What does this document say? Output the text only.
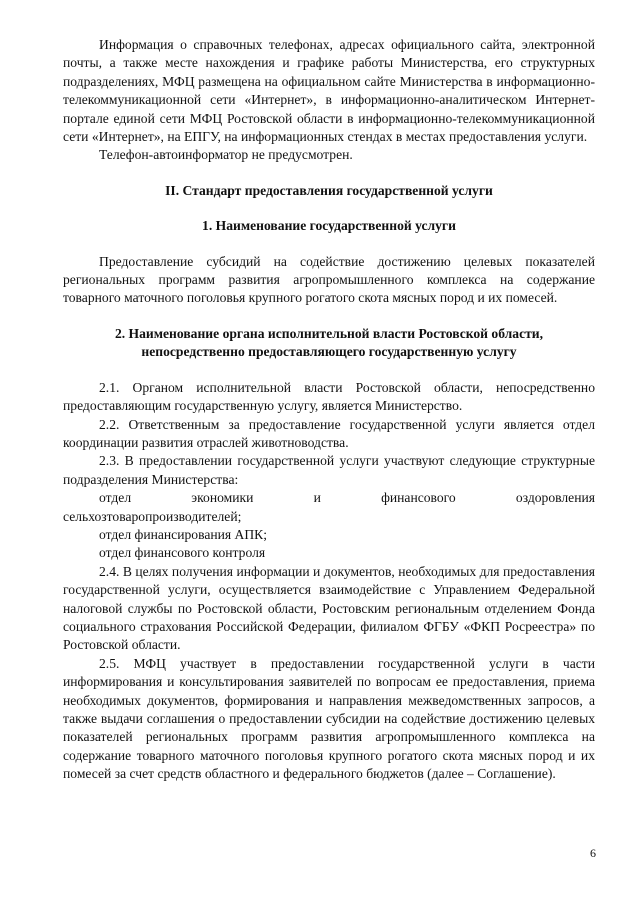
Информация о справочных телефонах, адресах официального сайта, электронной почты, а также месте нахождения и графике работы Министерства, его структурных подразделениях, МФЦ размещена на официальном сайте Министерства в информационно-телекоммуникационной сети «Интернет», в информационно-аналитическом Интернет-портале единой сети МФЦ Ростовской области в информационно-телекоммуникационной сети «Интернет», на ЕПГУ, на информационных стендах в местах предоставления услуги.

Телефон-автоинформатор не предусмотрен.

II. Стандарт предоставления государственной услуги

1. Наименование государственной услуги

Предоставление субсидий на содействие достижению целевых показателей региональных программ развития агропромышленного комплекса на содержание товарного маточного поголовья крупного рогатого скота мясных пород и их помесей.

2. Наименование органа исполнительной власти Ростовской области,
непосредственно предоставляющего государственную услугу

2.1. Органом исполнительной власти Ростовской области, непосредственно предоставляющим государственную услугу, является Министерство.

2.2. Ответственным за предоставление государственной услуги является отдел координации развития отраслей животноводства.

2.3. В предоставлении государственной услуги участвуют следующие структурные подразделения Министерства:

отдел экономики и финансового оздоровления

сельхозтоваропроизводителей;

отдел финансирования АПК;

отдел финансового контроля

2.4. В целях получения информации и документов, необходимых для предоставления государственной услуги, осуществляется взаимодействие с Управлением Федеральной налоговой службы по Ростовской области, Ростовским региональным отделением Фонда социального страхования Российской Федерации, филиалом ФГБУ «ФКП Росреестра» по Ростовской области.

2.5. МФЦ участвует в предоставлении государственной услуги в части информирования и консультирования заявителей по вопросам ее предоставления, приема необходимых документов, формирования и направления межведомственных запросов, а также выдачи соглашения о предоставлении субсидии на содействие достижению целевых показателей региональных программ развития агропромышленного комплекса на содержание товарного маточного поголовья крупного рогатого скота мясных пород и их помесей за счет средств областного и федерального бюджетов (далее – Соглашение).

6
